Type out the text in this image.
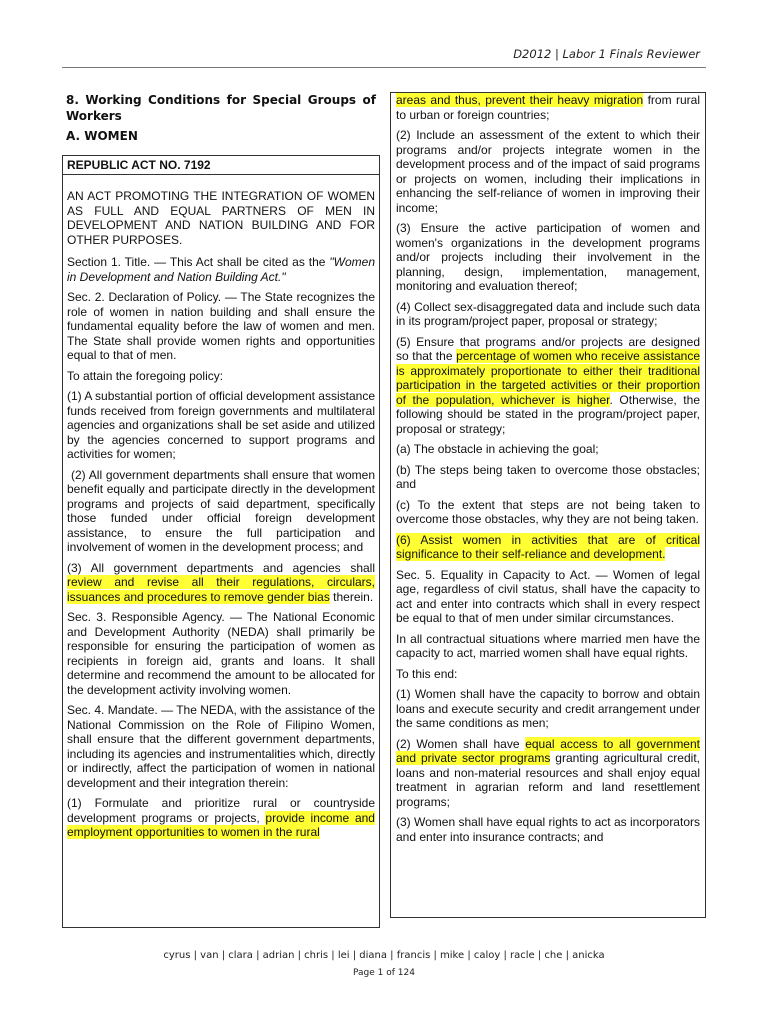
D2012 | Labor 1 Finals Reviewer
8. Working Conditions for Special Groups of Workers
A. WOMEN
REPUBLIC ACT NO. 7192

AN ACT PROMOTING THE INTEGRATION OF WOMEN AS FULL AND EQUAL PARTNERS OF MEN IN DEVELOPMENT AND NATION BUILDING AND FOR OTHER PURPOSES.

Section 1. Title. — This Act shall be cited as the "Women in Development and Nation Building Act."

Sec. 2. Declaration of Policy. — The State recognizes the role of women in nation building and shall ensure the fundamental equality before the law of women and men. The State shall provide women rights and opportunities equal to that of men.

To attain the foregoing policy:

(1) A substantial portion of official development assistance funds received from foreign governments and multilateral agencies and organizations shall be set aside and utilized by the agencies concerned to support programs and activities for women;

(2) All government departments shall ensure that women benefit equally and participate directly in the development programs and projects of said department, specifically those funded under official foreign development assistance, to ensure the full participation and involvement of women in the development process; and

(3) All government departments and agencies shall review and revise all their regulations, circulars, issuances and procedures to remove gender bias therein.

Sec. 3. Responsible Agency. — The National Economic and Development Authority (NEDA) shall primarily be responsible for ensuring the participation of women as recipients in foreign aid, grants and loans. It shall determine and recommend the amount to be allocated for the development activity involving women.

Sec. 4. Mandate. — The NEDA, with the assistance of the National Commission on the Role of Filipino Women, shall ensure that the different government departments, including its agencies and instrumentalities which, directly or indirectly, affect the participation of women in national development and their integration therein:

(1) Formulate and prioritize rural or countryside development programs or projects, provide income and employment opportunities to women in the rural

areas and thus, prevent their heavy migration from rural to urban or foreign countries;

(2) Include an assessment of the extent to which their programs and/or projects integrate women in the development process and of the impact of said programs or projects on women, including their implications in enhancing the self-reliance of women in improving their income;

(3) Ensure the active participation of women and women's organizations in the development programs and/or projects including their involvement in the planning, design, implementation, management, monitoring and evaluation thereof;

(4) Collect sex-disaggregated data and include such data in its program/project paper, proposal or strategy;

(5) Ensure that programs and/or projects are designed so that the percentage of women who receive assistance is approximately proportionate to either their traditional participation in the targeted activities or their proportion of the population, whichever is higher. Otherwise, the following should be stated in the program/project paper, proposal or strategy;

(a) The obstacle in achieving the goal;

(b) The steps being taken to overcome those obstacles; and

(c) To the extent that steps are not being taken to overcome those obstacles, why they are not being taken.

(6) Assist women in activities that are of critical significance to their self-reliance and development.

Sec. 5. Equality in Capacity to Act. — Women of legal age, regardless of civil status, shall have the capacity to act and enter into contracts which shall in every respect be equal to that of men under similar circumstances.

In all contractual situations where married men have the capacity to act, married women shall have equal rights.

To this end:

(1) Women shall have the capacity to borrow and obtain loans and execute security and credit arrangement under the same conditions as men;

(2) Women shall have equal access to all government and private sector programs granting agricultural credit, loans and non-material resources and shall enjoy equal treatment in agrarian reform and land resettlement programs;

(3) Women shall have equal rights to act as incorporators and enter into insurance contracts; and

cyrus | van | clara | adrian | chris | lei | diana | francis | mike | caloy | racle | che | anicka
Page 1 of 124
